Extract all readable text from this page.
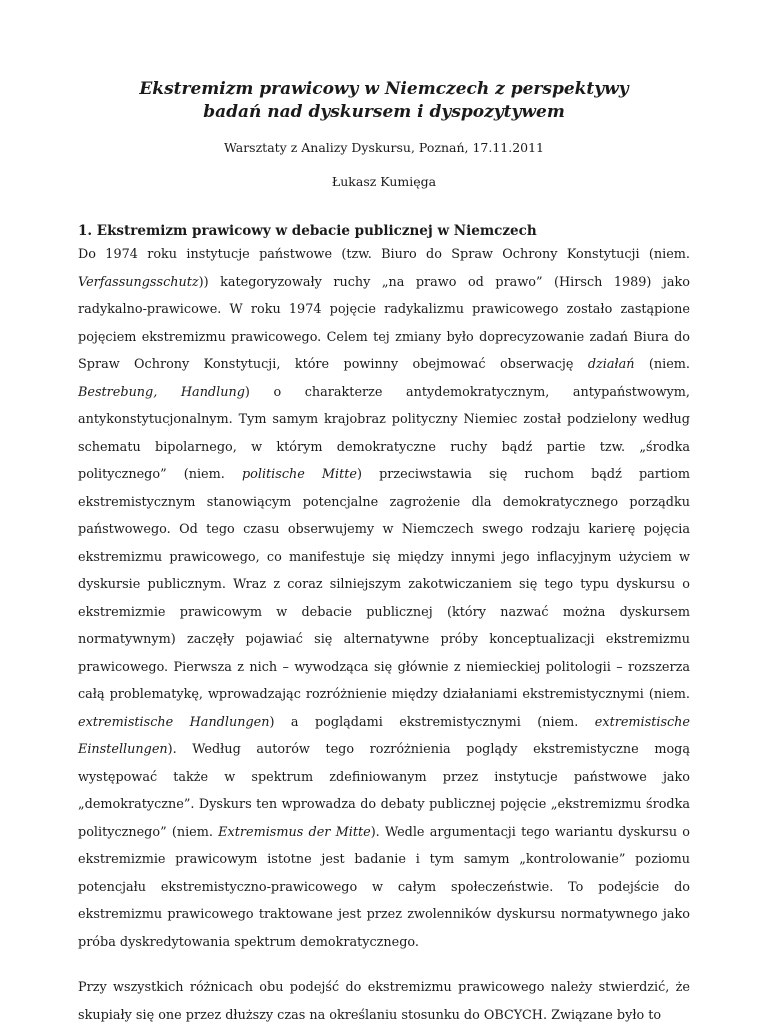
Ekstremizm prawicowy w Niemczech z perspektywy
badań nad dyskursem i dyspozytywem

Warsztaty z Analizy Dyskursu, Poznań, 17.11.2011

Łukasz Kumięga

1. Ekstremizm prawicowy w debacie publicznej w Niemczech

Do 1974 roku instytucje państwowe (tzw. Biuro do Spraw Ochrony Konstytucji (niem. Verfassungsschutz)) kategoryzowały ruchy „na prawo od prawo” (Hirsch 1989) jako radykalno-prawicowe. W roku 1974 pojęcie radykalizmu prawicowego zostało zastąpione pojęciem ekstremizmu prawicowego. Celem tej zmiany było doprecyzowanie zadań Biura do Spraw Ochrony Konstytucji, które powinny obejmować obserwację działań (niem. Bestrebung, Handlung) o charakterze antydemokratycznym, antypaństwowym, antykonstytucjonalnym. Tym samym krajobraz polityczny Niemiec został podzielony według schematu bipolarnego, w którym demokratyczne ruchy bądź partie tzw. „środka politycznego” (niem. politische Mitte) przeciwstawia się ruchom bądź partiom ekstremistycznym stanowiącym potencjalne zagrożenie dla demokratycznego porządku państwowego. Od tego czasu obserwujemy w Niemczech swego rodzaju karierę pojęcia ekstremizmu prawicowego, co manifestuje się między innymi jego inflacyjnym użyciem w dyskursie publicznym. Wraz z coraz silniejszym zakotwiczaniem się tego typu dyskursu o ekstremizmie prawicowym w debacie publicznej (który nazwać można dyskursem normatywnym) zaczęły pojawiać się alternatywne próby konceptualizacji ekstremizmu prawicowego. Pierwsza z nich – wywodząca się głównie z niemieckiej politologii – rozszerza całą problematykę, wprowadzając rozróżnienie między działaniami ekstremistycznymi (niem. extremistische Handlungen) a poglądami ekstremistycznymi (niem. extremistische Einstellungen). Według autorów tego rozróżnienia poglądy ekstremistyczne mogą występować także w spektrum zdefiniowanym przez instytucje państwowe jako „demokratyczne”. Dyskurs ten wprowadza do debaty publicznej pojęcie „ekstremizmu środka politycznego” (niem. Extremismus der Mitte). Wedle argumentacji tego wariantu dyskursu o ekstremizmie prawicowym istotne jest badanie i tym samym „kontrolowanie” poziomu potencjału ekstremistyczno-prawicowego w całym społeczeństwie. To podejście do ekstremizmu prawicowego traktowane jest przez zwolenników dyskursu normatywnego jako próba dyskredytowania spektrum demokratycznego.

Przy wszystkich różnicach obu podejść do ekstremizmu prawicowego należy stwierdzić, że skupiały się one przez dłuższy czas na określaniu stosunku do OBCYCH. Związane było to
